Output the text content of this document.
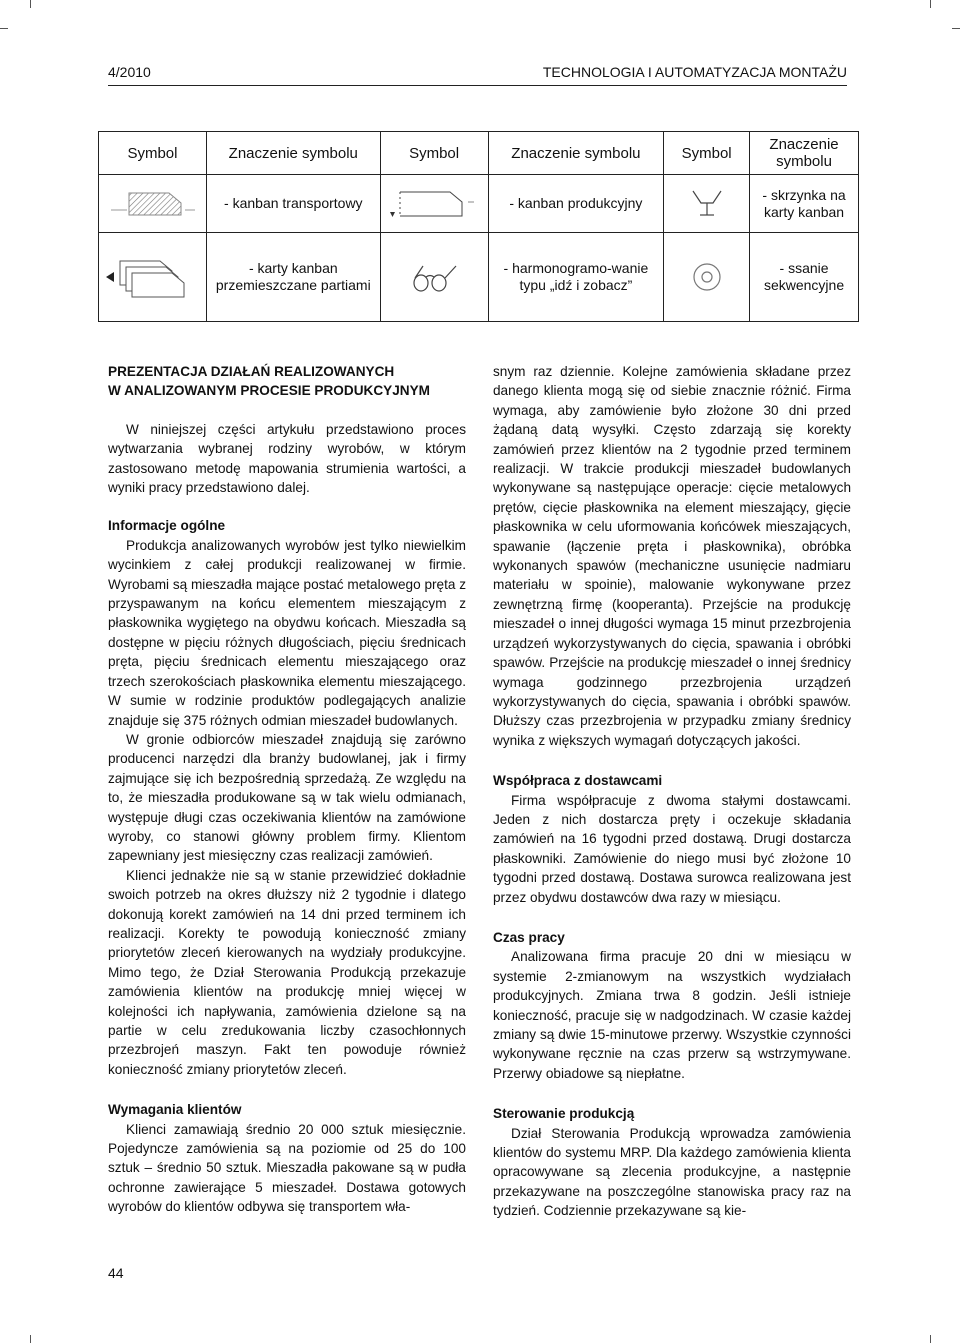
4/2010	TECHNOLOGIA I AUTOMATYZACJA MONTAŻU
Symbol	Znaczenie symbolu	Symbol	Znaczenie symbolu	Symbol	Znaczenie symbolu

	- kanban transportowy		- kanban produkcyjny		- skrzynka na karty kanban

	- karty kanban przemieszczane partiami		- harmonogramo-wanie typu „idź i zobacz”		- ssanie sekwencyjne
PREZENTACJA DZIAŁAŃ REALIZOWANYCH
W ANALIZOWANYM PROCESIE PRODUKCYJNYM

W niniejszej części artykułu przedstawiono proces wytwarzania wybranej rodziny wyrobów, w którym zastosowano metodę mapowania strumienia wartości, a wyniki pracy przedstawiono dalej.

Informacje ogólne

Produkcja analizowanych wyrobów jest tylko niewielkim wycinkiem z całej produkcji realizowanej w firmie. Wyrobami są mieszadła mające postać metalowego pręta z przyspawanym na końcu elementem mieszającym z płaskownika wygiętego na obydwu końcach. Mieszadła są dostępne w pięciu różnych długościach, pięciu średnicach pręta, pięciu średnicach elementu mieszającego oraz trzech szerokościach płaskownika elementu mieszającego. W sumie w rodzinie produktów podlegających analizie znajduje się 375 różnych odmian mieszadeł budowlanych.

W gronie odbiorców mieszadeł znajdują się zarówno producenci narzędzi dla branży budowlanej, jak i firmy zajmujące się ich bezpośrednią sprzedażą. Ze względu na to, że mieszadła produkowane są w tak wielu odmianach, występuje długi czas oczekiwania klientów na zamówione wyroby, co stanowi główny problem firmy. Klientom zapewniany jest miesięczny czas realizacji zamówień.

Klienci jednakże nie są w stanie przewidzieć dokładnie swoich potrzeb na okres dłuższy niż 2 tygodnie i dlatego dokonują korekt zamówień na 14 dni przed terminem ich realizacji. Korekty te powodują konieczność zmiany priorytetów zleceń kierowanych na wydziały produkcyjne. Mimo tego, że Dział Sterowania Produkcją przekazuje zamówienia klientów na produkcję mniej więcej w kolejności ich napływania, zamówienia dzielone są na partie w celu zredukowania liczby czasochłonnych przezbrojeń maszyn. Fakt ten powoduje również konieczność zmiany priorytetów zleceń.

Wymagania klientów

Klienci zamawiają średnio 20 000 sztuk miesięcznie. Pojedyncze zamówienia są na poziomie od 25 do 100 sztuk – średnio 50 sztuk. Mieszadła pakowane są w pudła ochronne zawierające 5 mieszadeł. Dostawa gotowych wyrobów do klientów odbywa się transportem wła-

snym raz dziennie. Kolejne zamówienia składane przez danego klienta mogą się od siebie znacznie różnić. Firma wymaga, aby zamówienie było złożone 30 dni przed żądaną datą wysyłki. Często zdarzają się korekty zamówień przez klientów na 2 tygodnie przed terminem realizacji. W trakcie produkcji mieszadeł budowlanych wykonywane są następujące operacje: cięcie metalowych prętów, cięcie płaskownika na element mieszający, gięcie płaskownika w celu uformowania końcówek mieszających, spawanie (łączenie pręta i płaskownika), obróbka wykonanych spawów (mechaniczne usunięcie nadmiaru materiału w spoinie), malowanie wykonywane przez zewnętrzną firmę (kooperanta). Przejście na produkcję mieszadeł o innej długości wymaga 15 minut przezbrojenia urządzeń wykorzystywanych do cięcia, spawania i obróbki spawów. Przejście na produkcję mieszadeł o innej średnicy wymaga godzinnego przezbrojenia urządzeń wykorzystywanych do cięcia, spawania i obróbki spawów. Dłuższy czas przezbrojenia w przypadku zmiany średnicy wynika z większych wymagań dotyczących jakości.

Współpraca z dostawcami

Firma współpracuje z dwoma stałymi dostawcami. Jeden z nich dostarcza pręty i oczekuje składania zamówień na 16 tygodni przed dostawą. Drugi dostarcza płaskowniki. Zamówienie do niego musi być złożone 10 tygodni przed dostawą. Dostawa surowca realizowana jest przez obydwu dostawców dwa razy w miesiącu.

Czas pracy

Analizowana firma pracuje 20 dni w miesiącu w systemie 2-zmianowym na wszystkich wydziałach produkcyjnych. Zmiana trwa 8 godzin. Jeśli istnieje konieczność, pracuje się w nadgodzinach. W czasie każdej zmiany są dwie 15-minutowe przerwy. Wszystkie czynności wykonywane ręcznie na czas przerw są wstrzymywane. Przerwy obiadowe są niepłatne.

Sterowanie produkcją

Dział Sterowania Produkcją wprowadza zamówienia klientów do systemu MRP. Dla każdego zamówienia klienta opracowywane są zlecenia produkcyjne, a następnie przekazywane na poszczególne stanowiska pracy raz na tydzień. Codziennie przekazywane są kie-

44
